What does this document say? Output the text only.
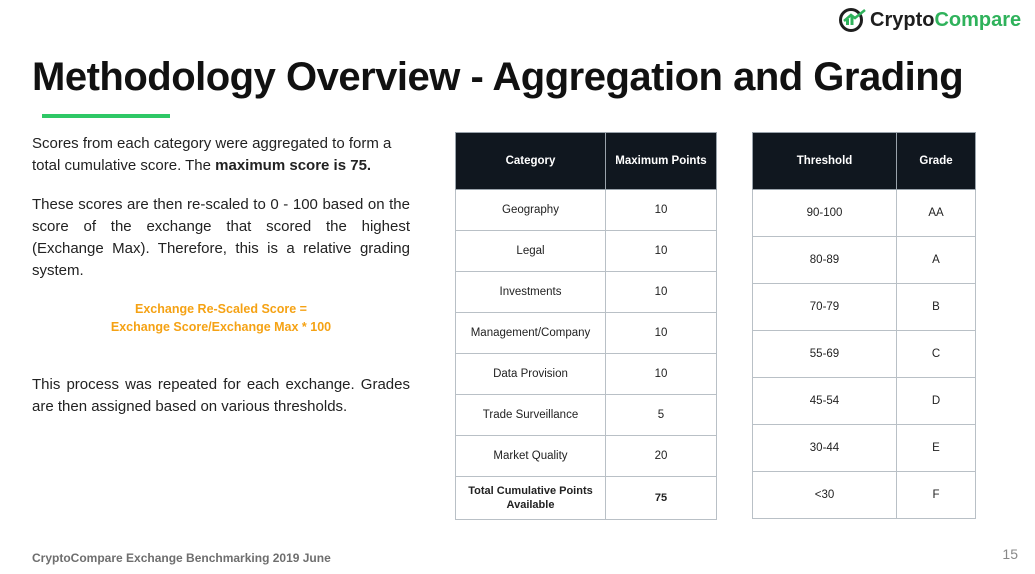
Crypto Compare
Methodology Overview - Aggregation and Grading
Scores from each category were aggregated to form a total cumulative score. The maximum score is 75.
These scores are then re-scaled to 0 - 100 based on the score of the exchange that scored the highest (Exchange Max). Therefore, this is a relative grading system.
Exchange Re-Scaled Score =
Exchange Score/Exchange Max * 100
This process was repeated for each exchange. Grades are then assigned based on various thresholds.
Category	Maximum Points
Geography	10
Legal	10
Investments	10
Management/Company	10
Data Provision	10
Trade Surveillance	5
Market Quality	20
Total Cumulative Points Available	75
Threshold	Grade
90-100	AA
80-89	A
70-79	B
55-69	C
45-54	D
30-44	E
<30	F
CryptoCompare Exchange Benchmarking 2019 June	15
